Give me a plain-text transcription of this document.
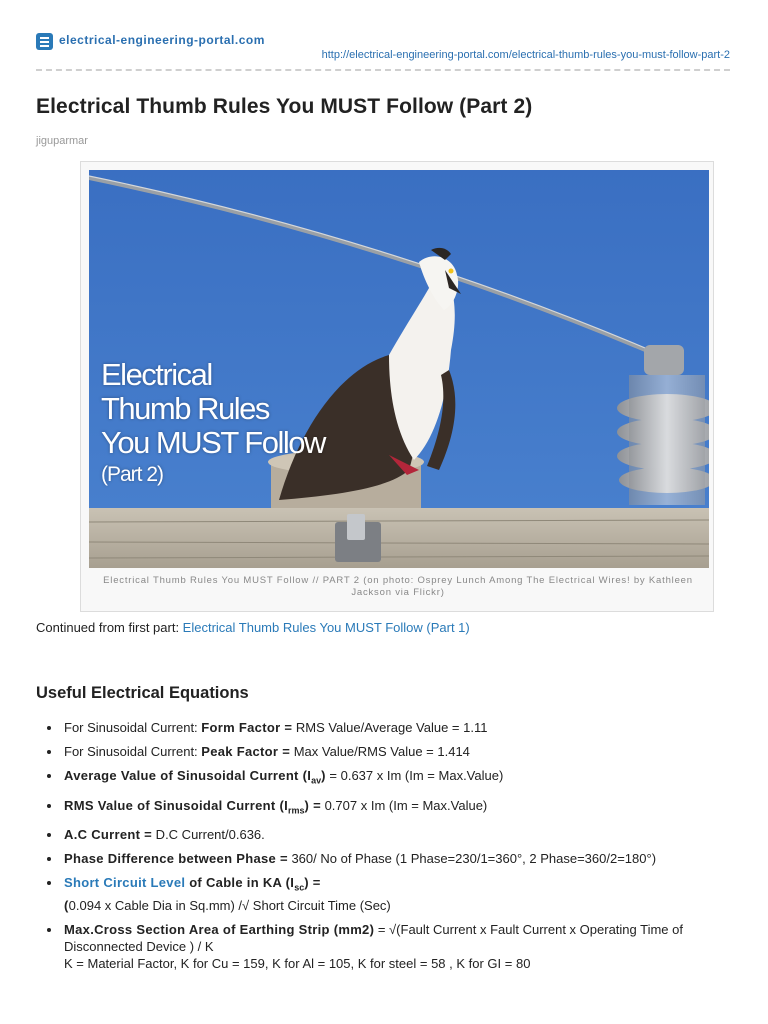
electrical-engineering-portal.com
http://electrical-engineering-portal.com/electrical-thumb-rules-you-must-follow-part-2
Electrical Thumb Rules You MUST Follow (Part 2)
jiguparmar
Electrical
Thumb Rules
You MUST Follow
(Part 2)
Electrical Thumb Rules You MUST Follow // PART 2 (on photo: Osprey Lunch Among The Electrical Wires! by Kathleen Jackson via Flickr)
Continued from first part: Electrical Thumb Rules You MUST Follow (Part 1)
Useful Electrical Equations
For Sinusoidal Current: Form Factor = RMS Value/Average Value = 1.11
For Sinusoidal Current: Peak Factor = Max Value/RMS Value = 1.414
Average Value of Sinusoidal Current $(I_{av}) = 0.637$ x Im (Im = Max.Value)
RMS Value of Sinusoidal Current $(I_{rms}) = 0.707$ x Im (Im = Max.Value)
A.C Current = D.C Current/0.636.
Phase Difference between Phase = 360/ No of Phase (1 Phase=230/1=360°, 2 Phase=360/2=180°)
Short Circuit Level of Cable in KA $(I_{sc})$ =
(0.094 x Cable Dia in Sq.mm) /√ Short Circuit Time (Sec)
Max.Cross Section Area of Earthing Strip (mm2) = √(Fault Current x Fault Current x Operating Time of Disconnected Device ) / K
K = Material Factor, K for Cu = 159, K for Al = 105, K for steel = 58 , K for GI = 80
